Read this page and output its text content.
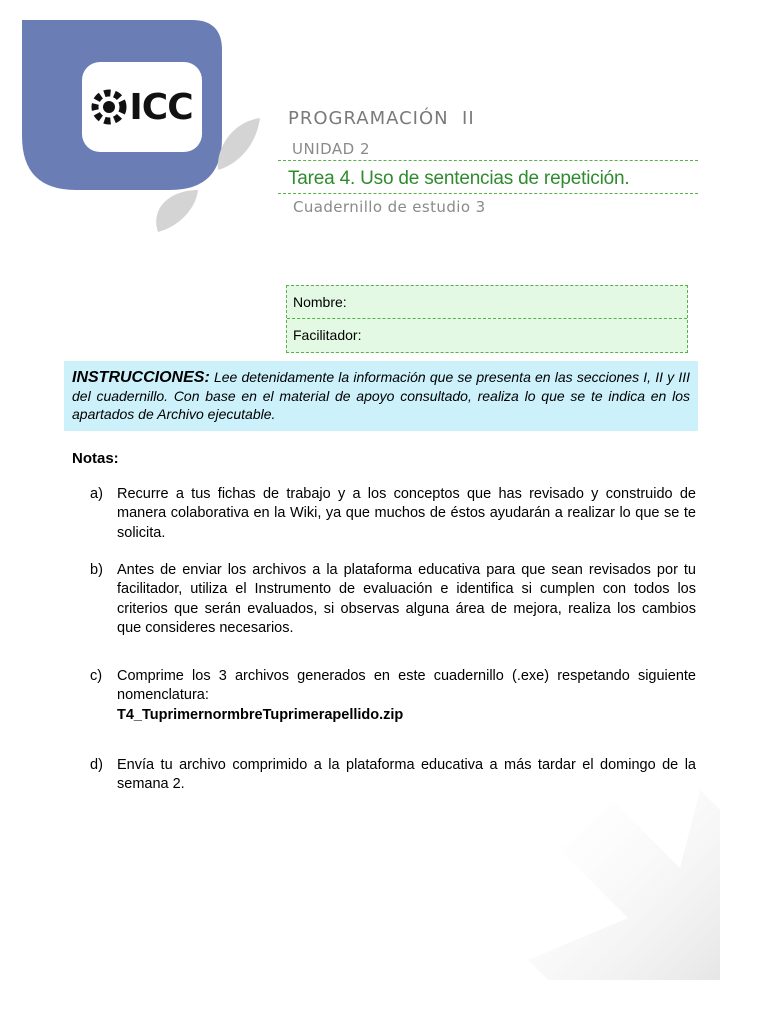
ICC	PROGRAMACIÓN  II
UNIDAD 2
Tarea 4. Uso de sentencias de repetición.
Cuadernillo de estudio 3
Nombre:
Facilitador:
INSTRUCCIONES: Lee detenidamente la información que se presenta en las secciones I, II y III del cuadernillo. Con base en el material de apoyo consultado, realiza lo que se te indica en los apartados de Archivo ejecutable.
Notas:
a) Recurre a tus fichas de trabajo y a los conceptos que has revisado y construido de manera colaborativa en la Wiki, ya que muchos de éstos ayudarán a realizar lo que se te solicita.
b) Antes de enviar los archivos a la plataforma educativa para que sean revisados por tu facilitador, utiliza el Instrumento de evaluación e identifica si cumplen con todos los criterios que serán evaluados, si observas alguna área de mejora, realiza los cambios que consideres necesarios.
c)	Comprime los 3 archivos generados en este cuadernillo (.exe) respetando siguiente nomenclatura:
T4_TuprimernormbreTuprimerapellido.zip
d) Envía tu archivo comprimido a la plataforma educativa a más tardar el domingo de la semana 2.
